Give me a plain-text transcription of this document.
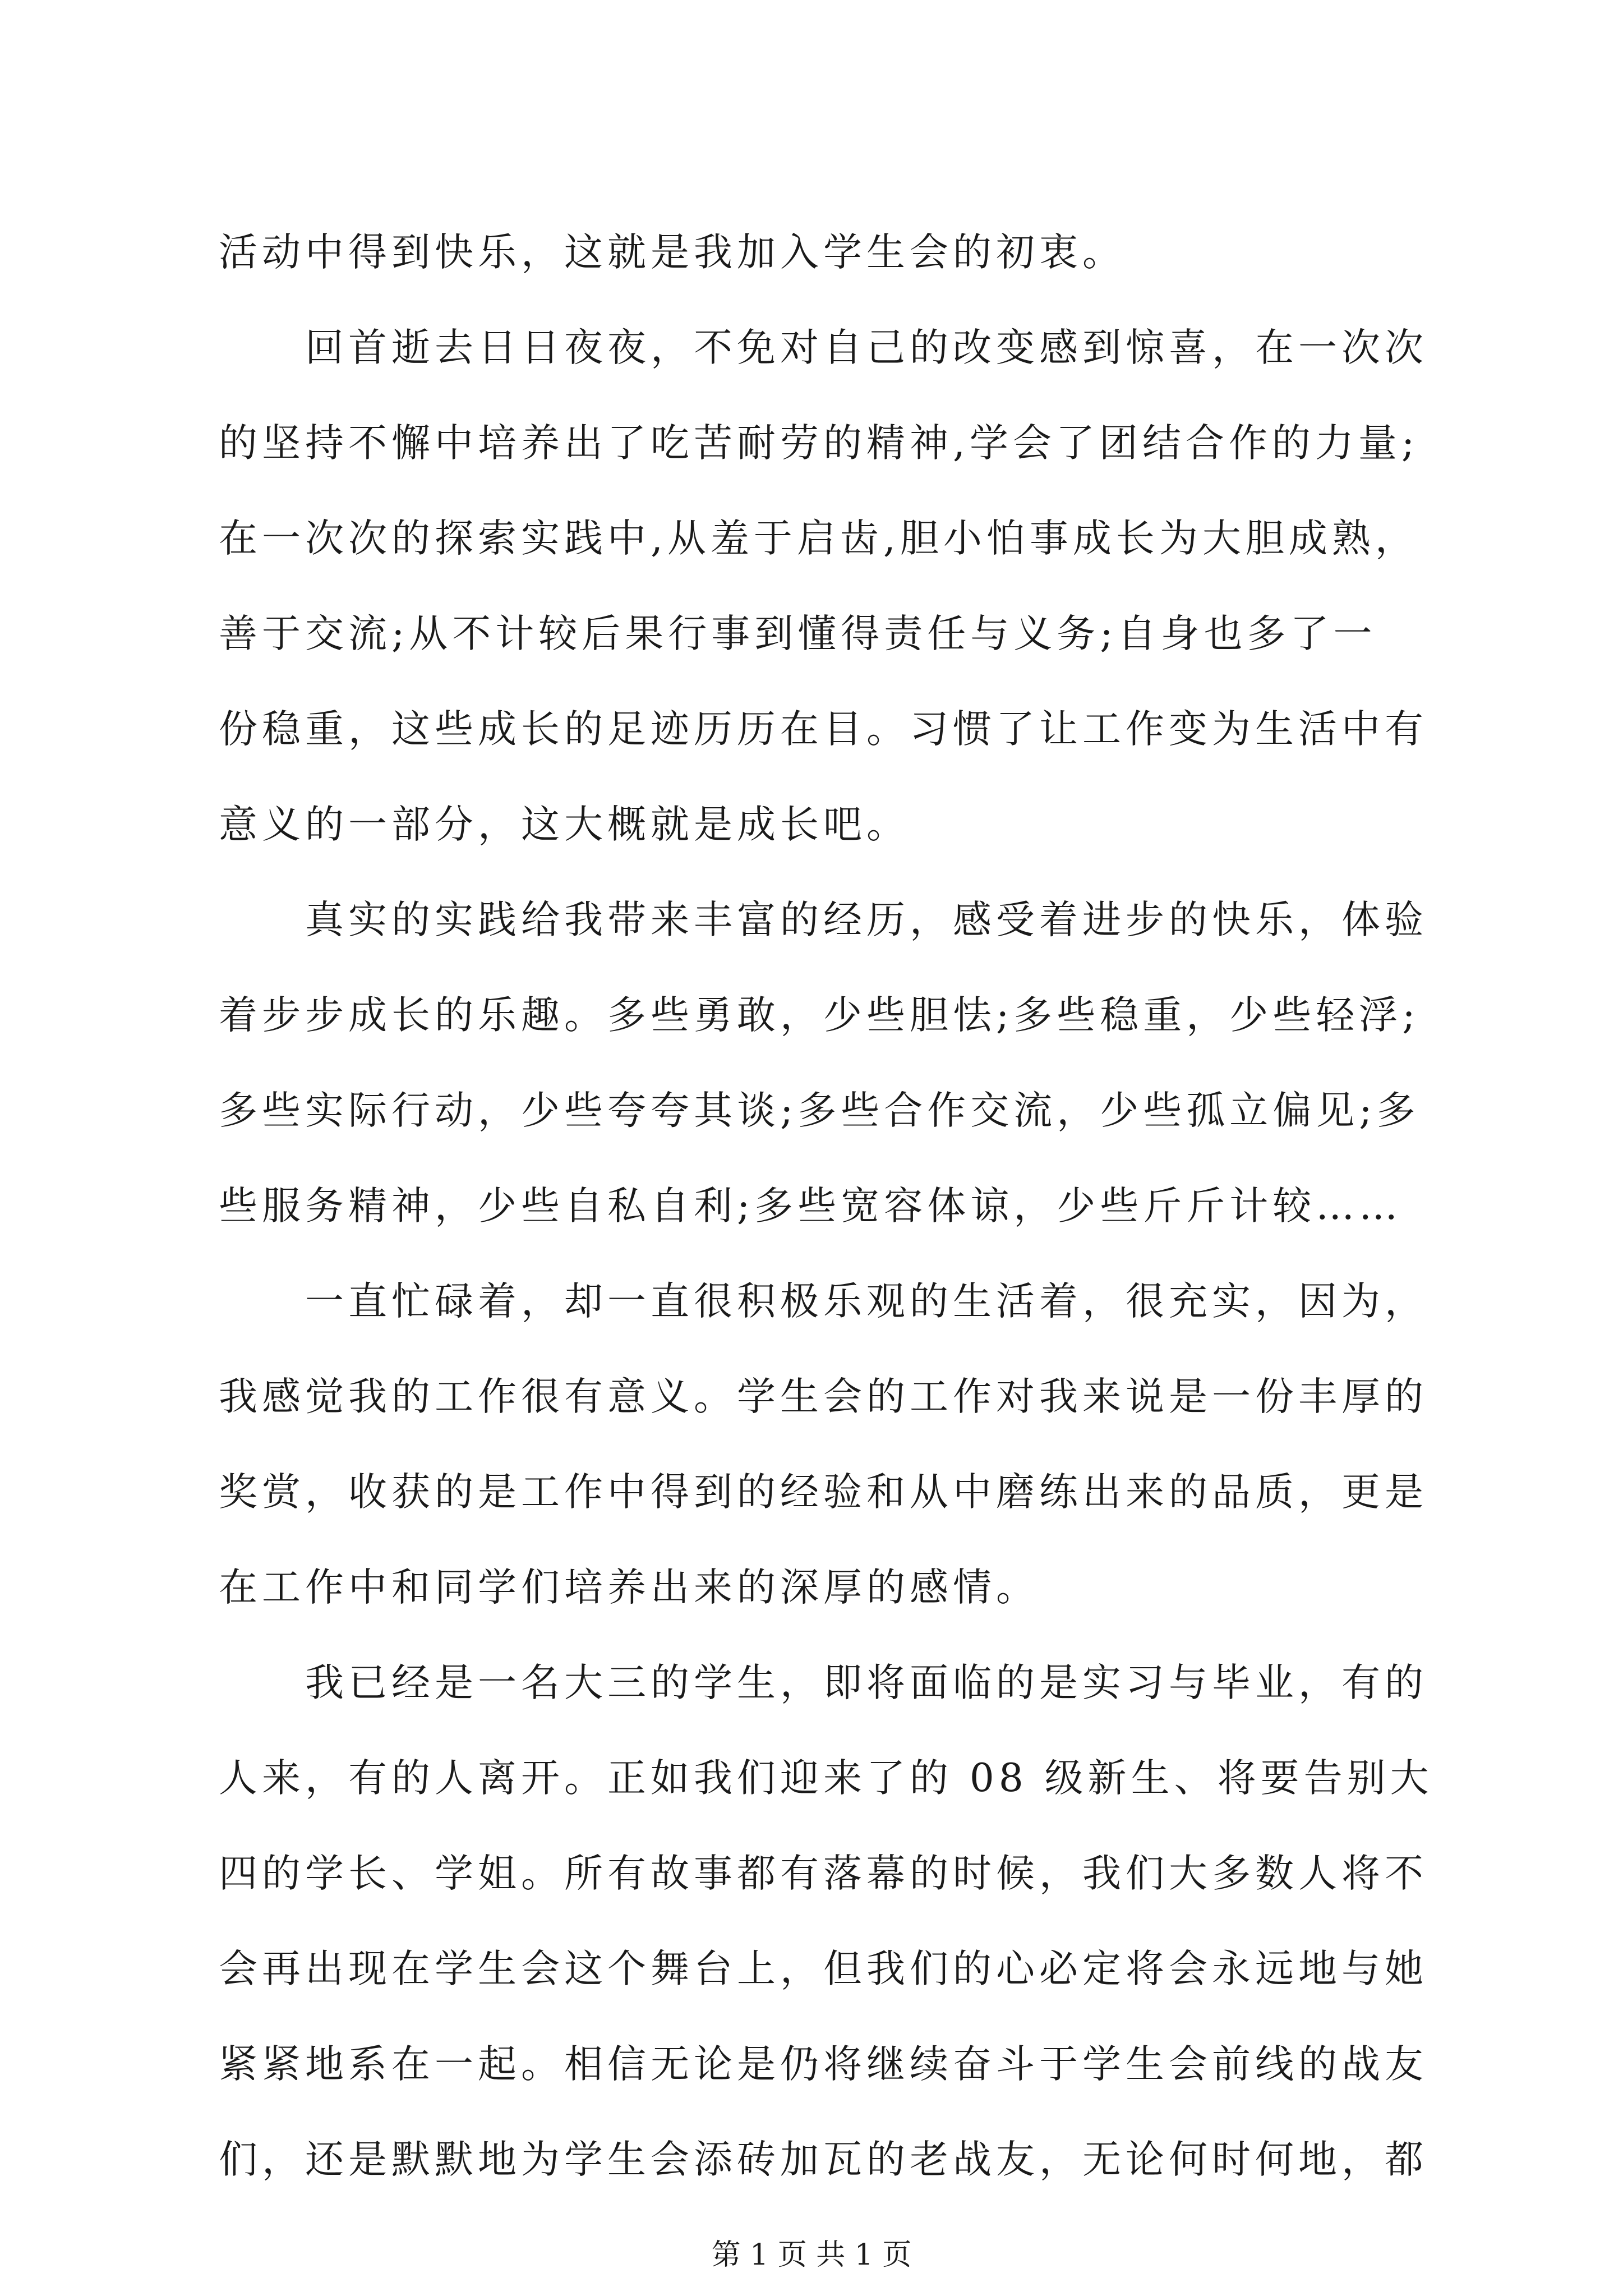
活动中得到快乐，这就是我加入学生会的初衷。
　　回首逝去日日夜夜，不免对自己的改变感到惊喜，在一次次
的坚持不懈中培养出了吃苦耐劳的精神,学会了团结合作的力量;
在一次次的探索实践中,从羞于启齿,胆小怕事成长为大胆成熟，
善于交流;从不计较后果行事到懂得责任与义务;自身也多了一
份稳重，这些成长的足迹历历在目。习惯了让工作变为生活中有
意义的一部分，这大概就是成长吧。
　　真实的实践给我带来丰富的经历，感受着进步的快乐，体验
着步步成长的乐趣。多些勇敢，少些胆怯;多些稳重，少些轻浮;
多些实际行动，少些夸夸其谈;多些合作交流，少些孤立偏见;多
些服务精神，少些自私自利;多些宽容体谅，少些斤斤计较……
　　一直忙碌着，却一直很积极乐观的生活着，很充实，因为，
我感觉我的工作很有意义。学生会的工作对我来说是一份丰厚的
奖赏，收获的是工作中得到的经验和从中磨练出来的品质，更是
在工作中和同学们培养出来的深厚的感情。
　　我已经是一名大三的学生，即将面临的是实习与毕业，有的
人来，有的人离开。正如我们迎来了的 08 级新生、将要告别大
四的学长、学姐。所有故事都有落幕的时候，我们大多数人将不
会再出现在学生会这个舞台上，但我们的心必定将会永远地与她
紧紧地系在一起。相信无论是仍将继续奋斗于学生会前线的战友
们，还是默默地为学生会添砖加瓦的老战友，无论何时何地，都
第 1 页 共 1 页
